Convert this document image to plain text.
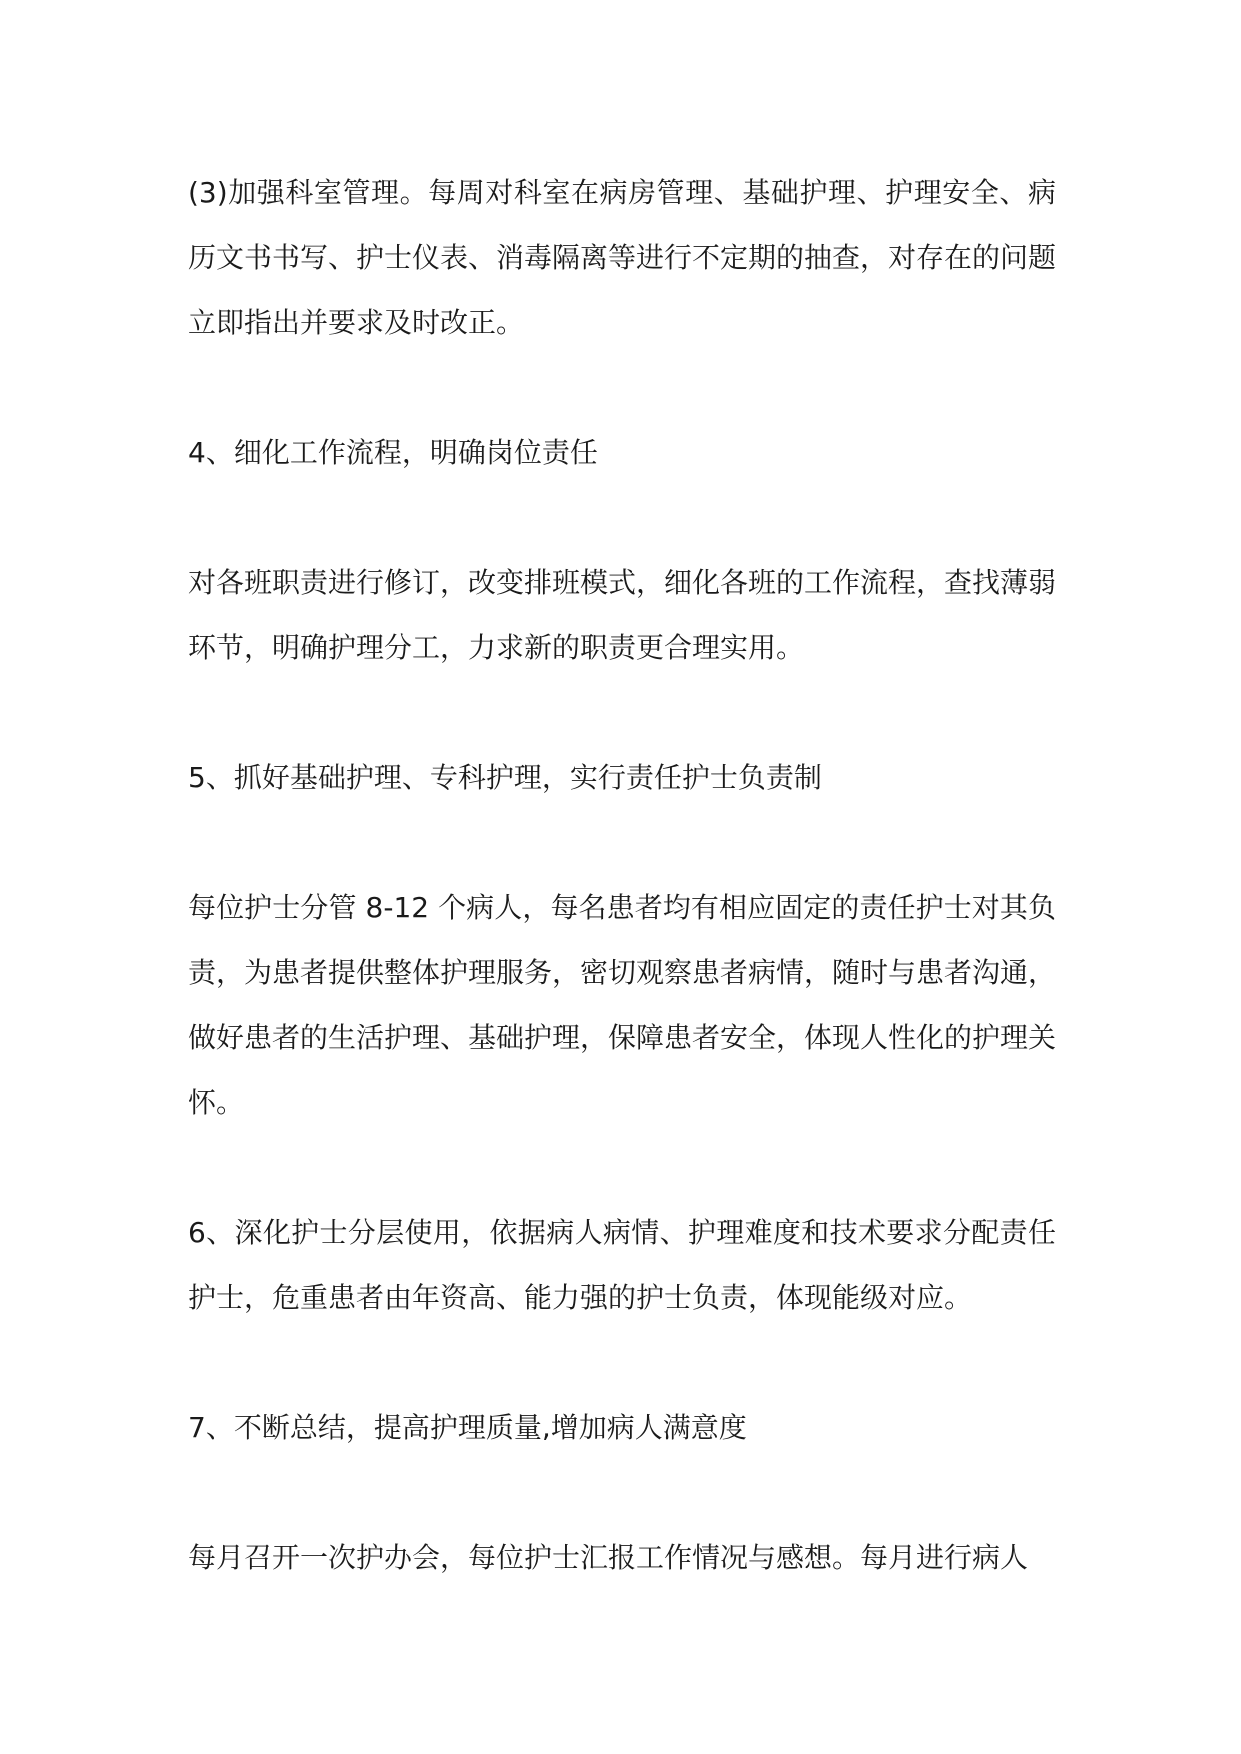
(3)加强科室管理。每周对科室在病房管理、基础护理、护理安全、病历文书书写、护士仪表、消毒隔离等进行不定期的抽查，对存在的问题立即指出并要求及时改正。

4、细化工作流程，明确岗位责任

对各班职责进行修订，改变排班模式，细化各班的工作流程，查找薄弱环节，明确护理分工，力求新的职责更合理实用。

5、抓好基础护理、专科护理，实行责任护士负责制

每位护士分管 8-12 个病人，每名患者均有相应固定的责任护士对其负责，为患者提供整体护理服务，密切观察患者病情，随时与患者沟通，做好患者的生活护理、基础护理，保障患者安全，体现人性化的护理关怀。

6、深化护士分层使用，依据病人病情、护理难度和技术要求分配责任护士，危重患者由年资高、能力强的护士负责，体现能级对应。

7、不断总结，提高护理质量,增加病人满意度

每月召开一次护办会，每位护士汇报工作情况与感想。每月进行病人
